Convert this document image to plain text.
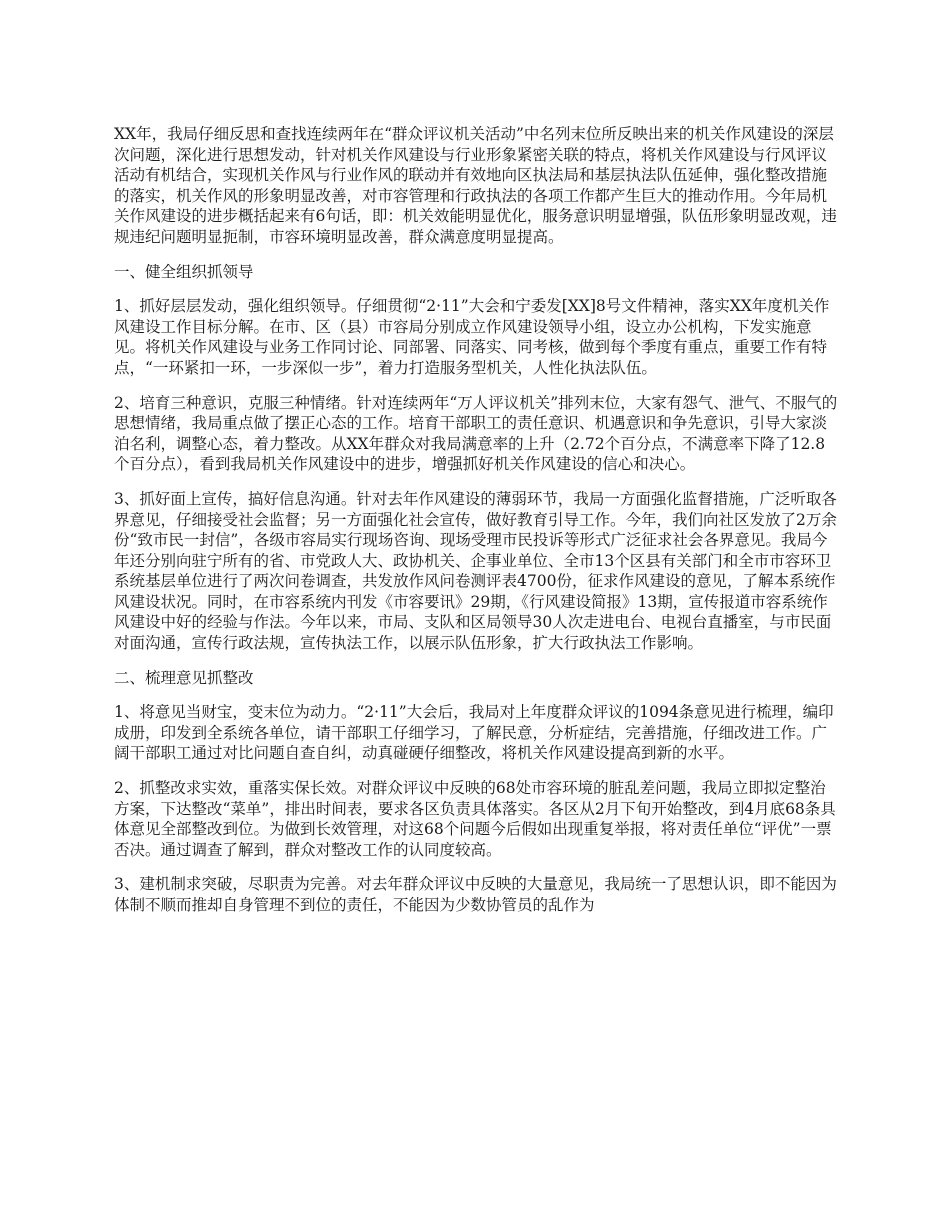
XX年，我局仔细反思和查找连续两年在“群众评议机关活动”中名列末位所反映出来的机关作风建设的深层次问题，深化进行思想发动，针对机关作风建设与行业形象紧密关联的特点，将机关作风建设与行风评议活动有机结合，实现机关作风与行业作风的联动并有效地向区执法局和基层执法队伍延伸，强化整改措施的落实，机关作风的形象明显改善，对市容管理和行政执法的各项工作都产生巨大的推动作用。今年局机关作风建设的进步概括起来有6句话，即：机关效能明显优化，服务意识明显增强，队伍形象明显改观，违规违纪问题明显扼制，市容环境明显改善，群众满意度明显提高。

一、健全组织抓领导

1、抓好层层发动，强化组织领导。仔细贯彻“2·11”大会和宁委发[XX]8号文件精神，落实XX年度机关作风建设工作目标分解。在市、区（县）市容局分别成立作风建设领导小组，设立办公机构，下发实施意见。将机关作风建设与业务工作同讨论、同部署、同落实、同考核，做到每个季度有重点，重要工作有特点，“一环紧扣一环，一步深似一步”，着力打造服务型机关，人性化执法队伍。

2、培育三种意识，克服三种情绪。针对连续两年“万人评议机关”排列末位，大家有怨气、泄气、不服气的思想情绪，我局重点做了摆正心态的工作。培育干部职工的责任意识、机遇意识和争先意识，引导大家淡泊名利，调整心态，着力整改。从XX年群众对我局满意率的上升（2.72个百分点，不满意率下降了12.8个百分点），看到我局机关作风建设中的进步，增强抓好机关作风建设的信心和决心。

3、抓好面上宣传，搞好信息沟通。针对去年作风建设的薄弱环节，我局一方面强化监督措施，广泛听取各界意见，仔细接受社会监督；另一方面强化社会宣传，做好教育引导工作。今年，我们向社区发放了2万余份“致市民一封信”，各级市容局实行现场咨询、现场受理市民投诉等形式广泛征求社会各界意见。我局今年还分别向驻宁所有的省、市党政人大、政协机关、企事业单位、全市13个区县有关部门和全市市容环卫系统基层单位进行了两次问卷调查，共发放作风问卷测评表4700份，征求作风建设的意见，了解本系统作风建设状况。同时，在市容系统内刊发《市容要讯》29期，《行风建设简报》13期，宣传报道市容系统作风建设中好的经验与作法。今年以来，市局、支队和区局领导30人次走进电台、电视台直播室，与市民面对面沟通，宣传行政法规，宣传执法工作，以展示队伍形象，扩大行政执法工作影响。

二、梳理意见抓整改

1、将意见当财宝，变末位为动力。“2·11”大会后，我局对上年度群众评议的1094条意见进行梳理，编印成册，印发到全系统各单位，请干部职工仔细学习，了解民意，分析症结，完善措施，仔细改进工作。广阔干部职工通过对比问题自查自纠，动真碰硬仔细整改，将机关作风建设提高到新的水平。

2、抓整改求实效，重落实保长效。对群众评议中反映的68处市容环境的脏乱差问题，我局立即拟定整治方案，下达整改“菜单”，排出时间表，要求各区负责具体落实。各区从2月下旬开始整改，到4月底68条具体意见全部整改到位。为做到长效管理，对这68个问题今后假如出现重复举报，将对责任单位“评优”一票否决。通过调查了解到，群众对整改工作的认同度较高。

3、建机制求突破，尽职责为完善。对去年群众评议中反映的大量意见，我局统一了思想认识，即不能因为体制不顺而推却自身管理不到位的责任，不能因为少数协管员的乱作为
